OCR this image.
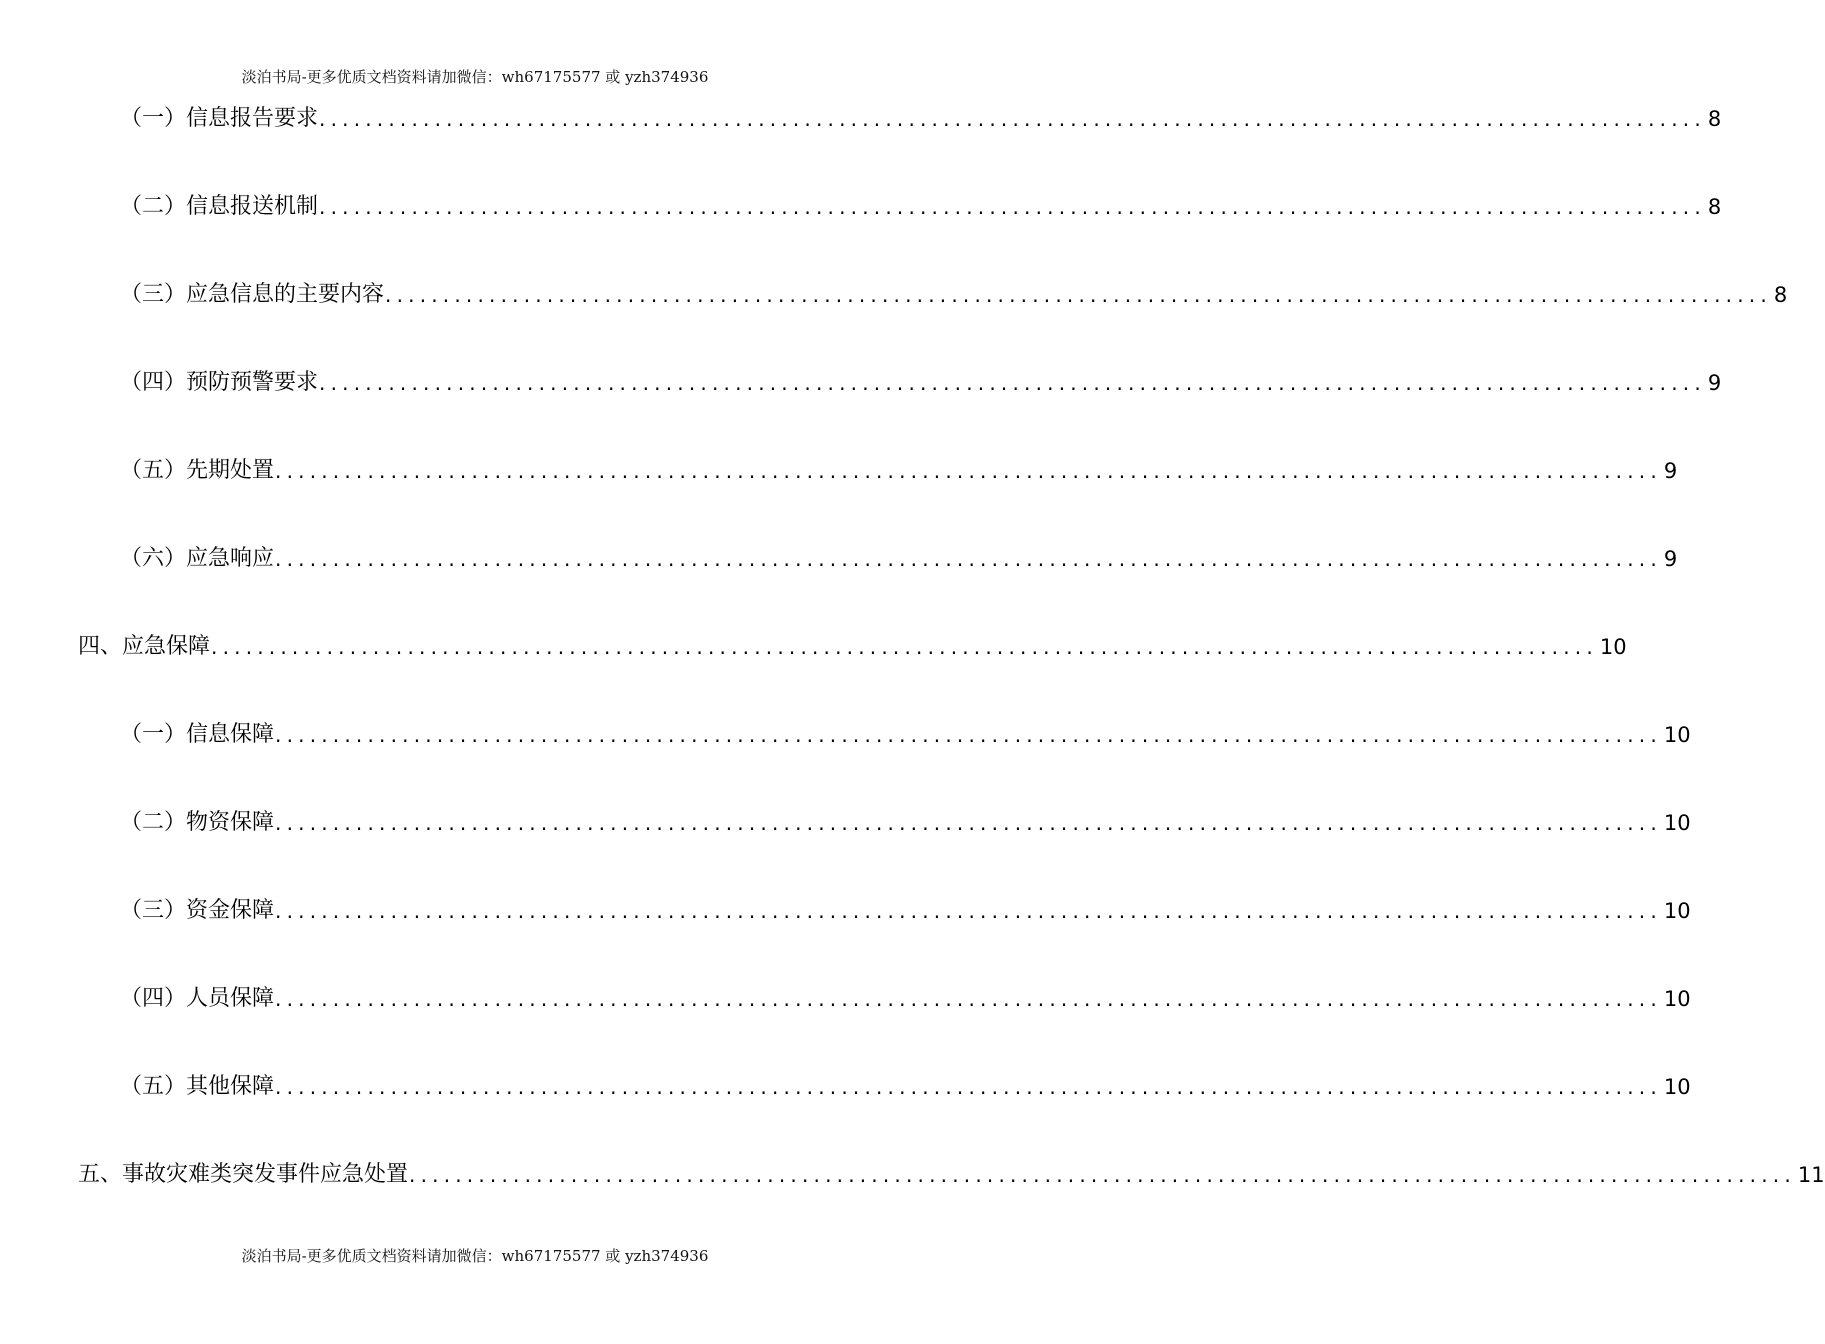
淡泊书局-更多优质文档资料请加微信：wh67175577 或 yzh374936
（一）信息报告要求 ........................................................................................................................ 8
（二）信息报送机制 ........................................................................................................................ 8
（三）应急信息的主要内容 ........................................................................................................................ 8
（四）预防预警要求 ........................................................................................................................ 9
（五）先期处置 ........................................................................................................................ 9
（六）应急响应 ........................................................................................................................ 9
四、应急保障 ........................................................................................................................ 10
（一）信息保障 ........................................................................................................................ 10
（二）物资保障 ........................................................................................................................ 10
（三）资金保障 ........................................................................................................................ 10
（四）人员保障 ........................................................................................................................ 10
（五）其他保障 ........................................................................................................................ 10
五、事故灾难类突发事件应急处置 ........................................................................................................................ 11
淡泊书局-更多优质文档资料请加微信：wh67175577 或 yzh374936
